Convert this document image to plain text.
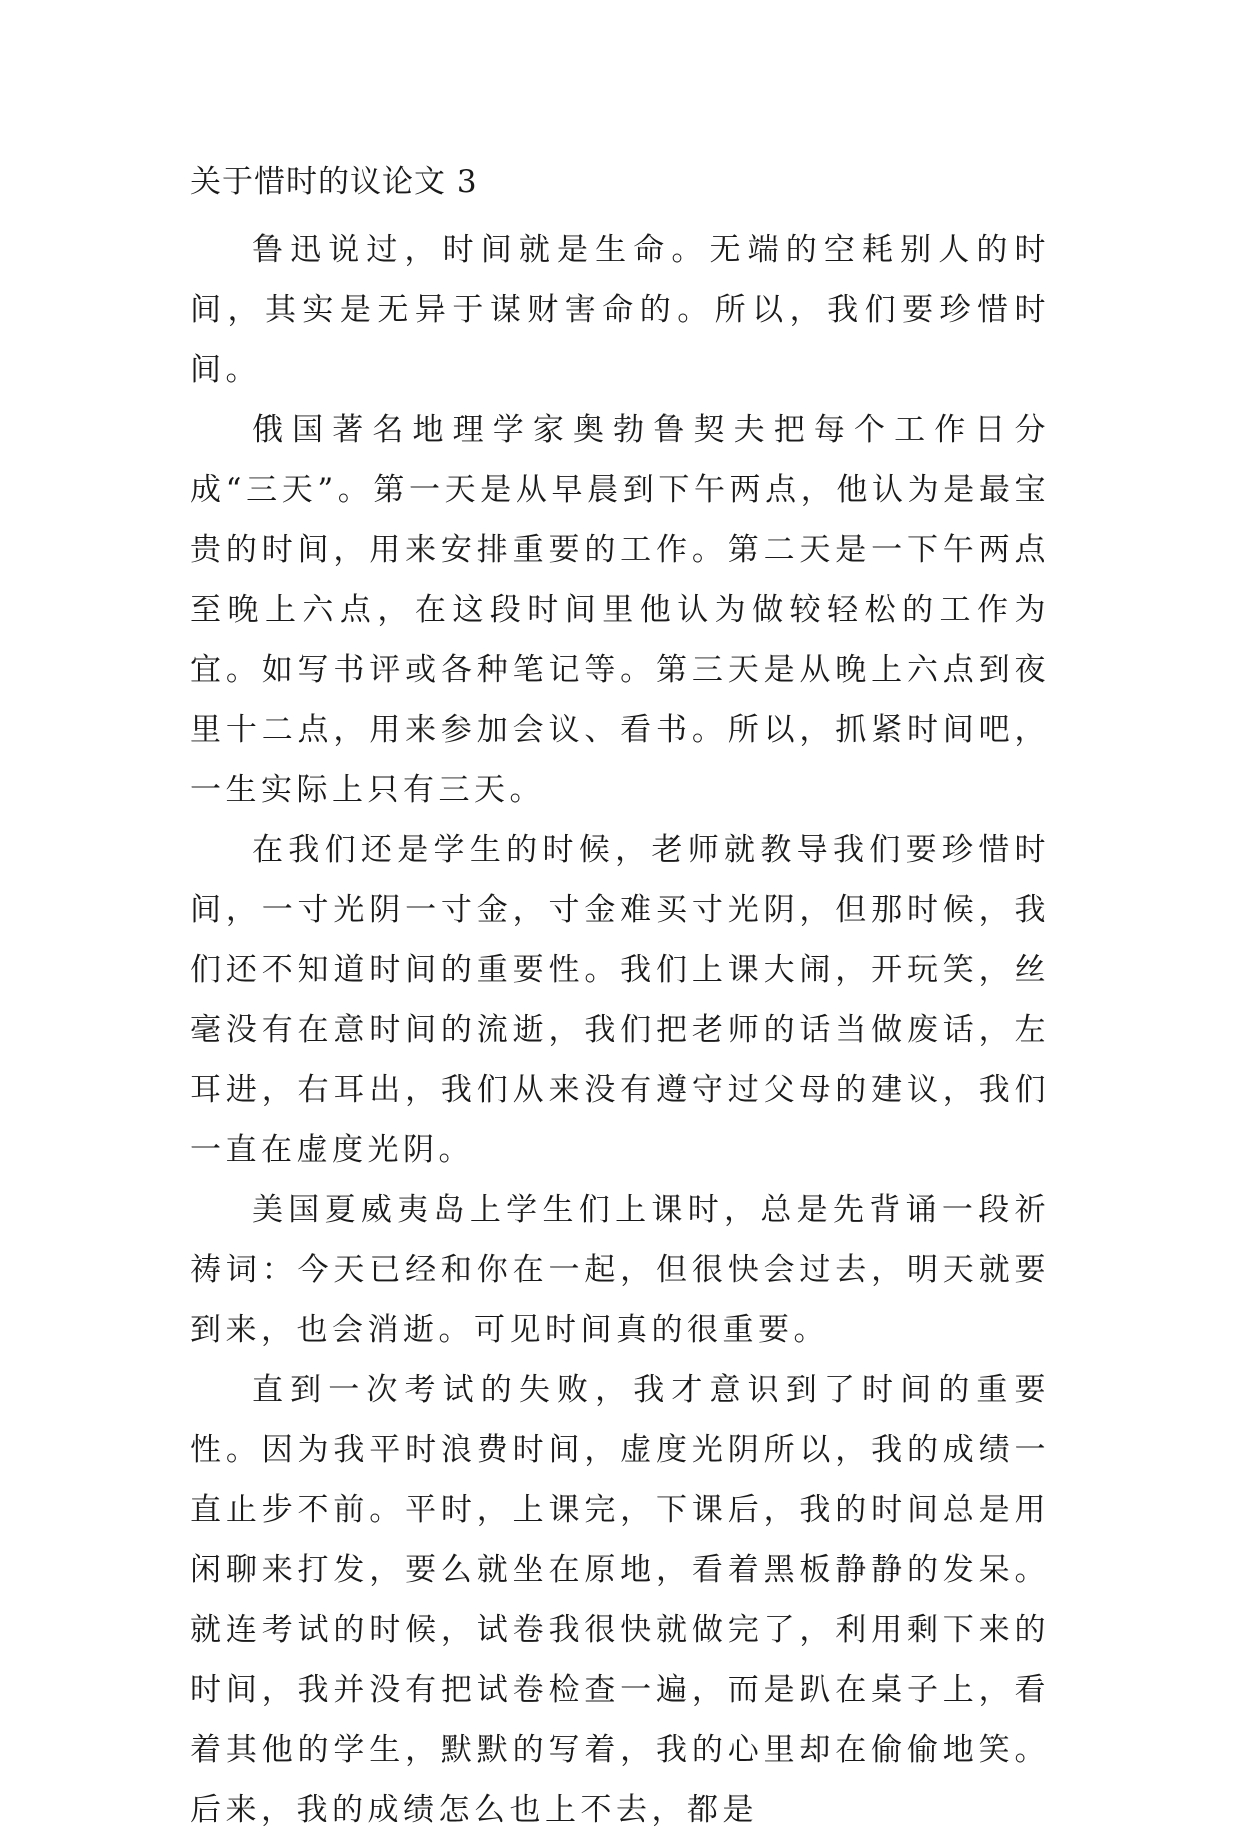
关于惜时的议论文 3

鲁迅说过，时间就是生命。无端的空耗别人的时间，其实是无异于谋财害命的。所以，我们要珍惜时间。

俄国著名地理学家奥勃鲁契夫把每个工作日分成“三天”。第一天是从早晨到下午两点，他认为是最宝贵的时间，用来安排重要的工作。第二天是一下午两点至晚上六点，在这段时间里他认为做较轻松的工作为宜。如写书评或各种笔记等。第三天是从晚上六点到夜里十二点，用来参加会议、看书。所以，抓紧时间吧，一生实际上只有三天。

在我们还是学生的时候，老师就教导我们要珍惜时间，一寸光阴一寸金，寸金难买寸光阴，但那时候，我们还不知道时间的重要性。我们上课大闹，开玩笑，丝毫没有在意时间的流逝，我们把老师的话当做废话，左耳进，右耳出，我们从来没有遵守过父母的建议，我们一直在虚度光阴。

美国夏威夷岛上学生们上课时，总是先背诵一段祈祷词：今天已经和你在一起，但很快会过去，明天就要到来，也会消逝。可见时间真的很重要。

直到一次考试的失败，我才意识到了时间的重要性。因为我平时浪费时间，虚度光阴所以，我的成绩一直止步不前。平时，上课完，下课后，我的时间总是用闲聊来打发，要么就坐在原地，看着黑板静静的发呆。就连考试的时候，试卷我很快就做完了，利用剩下来的时间，我并没有把试卷检查一遍，而是趴在桌子上，看着其他的学生，默默的写着，我的心里却在偷偷地笑。后来，我的成绩怎么也上不去，都是
